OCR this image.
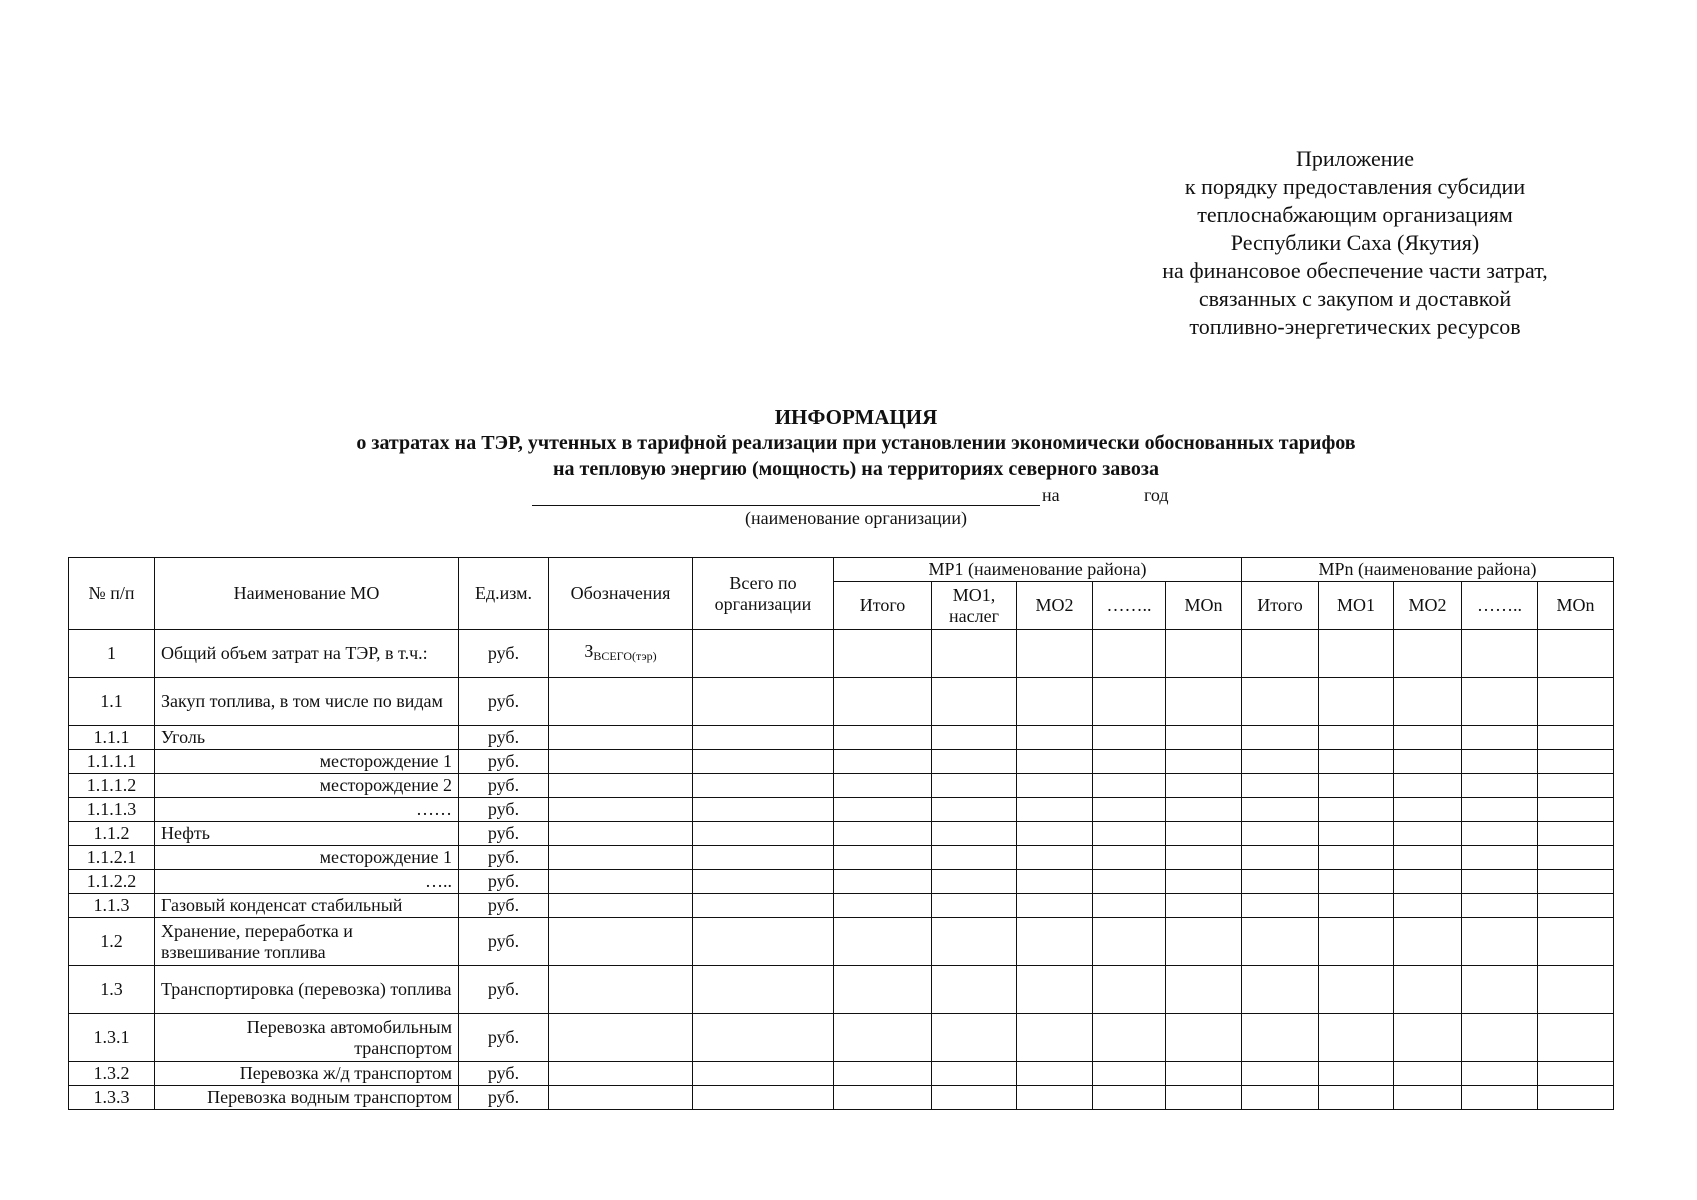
Приложение
к порядку предоставления субсидии
теплоснабжающим организациям
Республики Саха (Якутия)
на финансовое обеспечение части затрат,
связанных с закупом и доставкой
топливно-энергетических ресурсов
ИНФОРМАЦИЯ
о затратах на ТЭР, учтенных в тарифной реализации при установлении экономически обоснованных тарифов
на тепловую энергию (мощность) на территориях северного завоза
на	год
(наименование организации)
№ п/п	Наименование МО	Ед.изм.	Обозначения	Всего по организации	МР1 (наименование района)					МРn (наименование района)				
					Итого	МО1, наслег	МО2	……..	МОn	Итого	МО1	МО2	……..	МОn
1	Общий объем затрат на ТЭР, в т.ч.:	руб.	$З_{ВСЕГО(тэр)}$											
1.1	Закуп топлива, в том числе по видам	руб.												
1.1.1	Уголь	руб.												
1.1.1.1	месторождение 1	руб.												
1.1.1.2	месторождение 2	руб.												
1.1.1.3	……	руб.												
1.1.2	Нефть	руб.												
1.1.2.1	месторождение 1	руб.												
1.1.2.2	…..	руб.												
1.1.3	Газовый конденсат стабильный	руб.												
1.2	Хранение, переработка и взвешивание топлива	руб.												
1.3	Транспортировка (перевозка) топлива	руб.												
1.3.1	Перевозка автомобильным транспортом	руб.												
1.3.2	Перевозка ж/д транспортом	руб.												
1.3.3	Перевозка водным транспортом	руб.												
